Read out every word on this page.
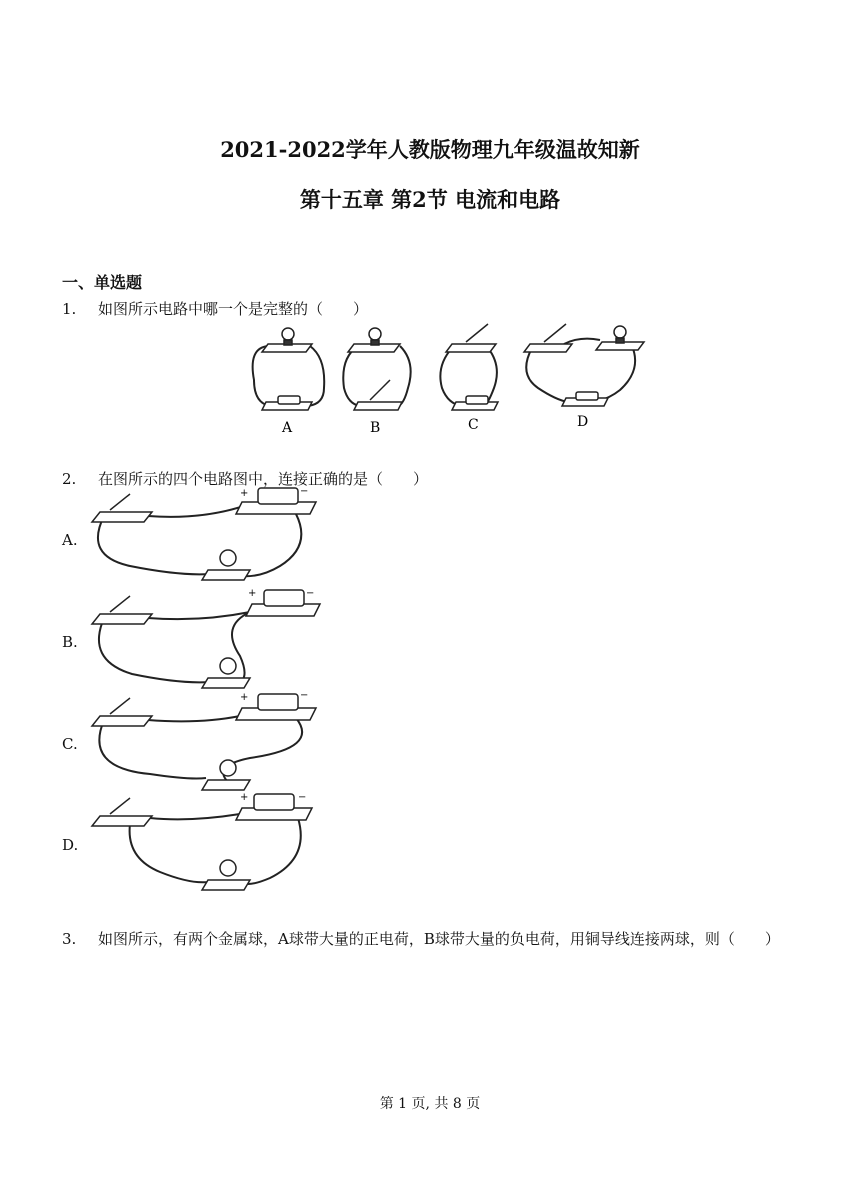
2021-2022学年人教版物理九年级温故知新
第十五章 第2节 电流和电路
一、单选题
1. 如图所示电路中哪一个是完整的（　　）
A	B	C	D
2. 在图所示的四个电路图中，连接正确的是（　　）
A.
+	−
B.
+	−
C.
+	−
D.
+	−
3. 如图所示，有两个金属球，A球带大量的正电荷，B球带大量的负电荷，用铜导线连接两球，则（　　）
第 1 页, 共 8 页
